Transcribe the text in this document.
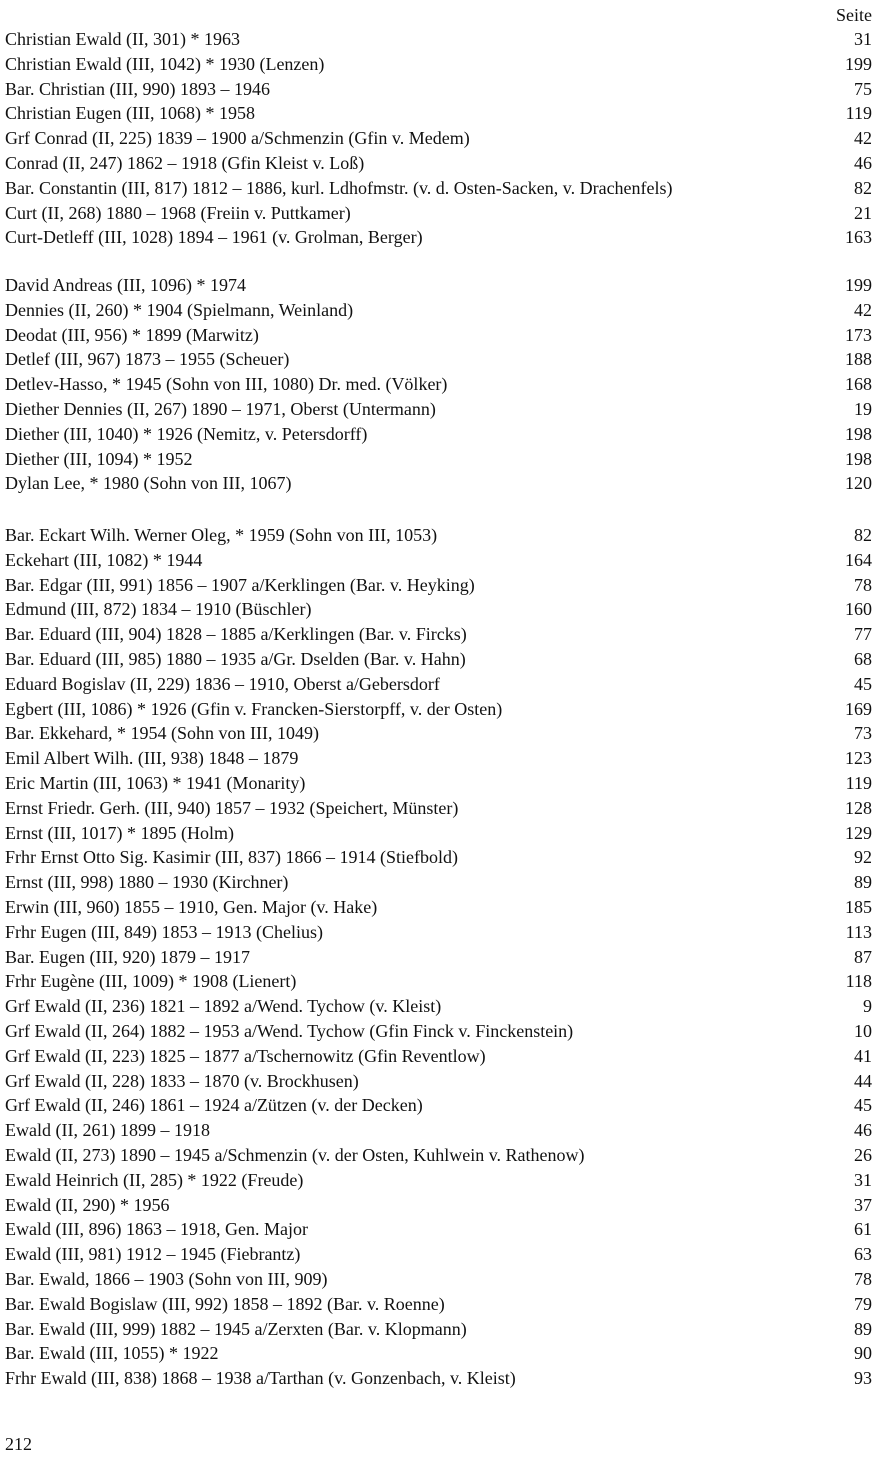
Seite
Christian Ewald (II, 301) * 1963	31
Christian Ewald (III, 1042) * 1930 (Lenzen)	199
Bar. Christian (III, 990) 1893 – 1946	75
Christian Eugen (III, 1068) * 1958	119
Grf Conrad (II, 225) 1839 – 1900 a/Schmenzin (Gfin v. Medem)	42
Conrad (II, 247) 1862 – 1918 (Gfin Kleist v. Loß)	46
Bar. Constantin (III, 817) 1812 – 1886, kurl. Ldhofmstr. (v. d. Osten-Sacken, v. Drachenfels)	82
Curt (II, 268) 1880 – 1968 (Freiin v. Puttkamer)	21
Curt-Detleff (III, 1028) 1894 – 1961 (v. Grolman, Berger)	163
David Andreas (III, 1096) * 1974	199
Dennies (II, 260) * 1904 (Spielmann, Weinland)	42
Deodat (III, 956) * 1899 (Marwitz)	173
Detlef (III, 967) 1873 – 1955 (Scheuer)	188
Detlev-Hasso, * 1945 (Sohn von III, 1080) Dr. med. (Völker)	168
Diether Dennies (II, 267) 1890 – 1971, Oberst (Untermann)	19
Diether (III, 1040) * 1926 (Nemitz, v. Petersdorff)	198
Diether (III, 1094) * 1952	198
Dylan Lee, * 1980 (Sohn von III, 1067)	120
Bar. Eckart Wilh. Werner Oleg, * 1959 (Sohn von III, 1053)	82
Eckehart (III, 1082) * 1944	164
Bar. Edgar (III, 991) 1856 – 1907 a/Kerklingen (Bar. v. Heyking)	78
Edmund (III, 872) 1834 – 1910 (Büschler)	160
Bar. Eduard (III, 904) 1828 – 1885 a/Kerklingen (Bar. v. Fircks)	77
Bar. Eduard (III, 985) 1880 – 1935 a/Gr. Dselden (Bar. v. Hahn)	68
Eduard Bogislav (II, 229) 1836 – 1910, Oberst a/Gebersdorf	45
Egbert (III, 1086) * 1926 (Gfin v. Francken-Sierstorpff, v. der Osten)	169
Bar. Ekkehard, * 1954 (Sohn von III, 1049)	73
Emil Albert Wilh. (III, 938) 1848 – 1879	123
Eric Martin (III, 1063) * 1941 (Monarity)	119
Ernst Friedr. Gerh. (III, 940) 1857 – 1932 (Speichert, Münster)	128
Ernst (III, 1017) * 1895 (Holm)	129
Frhr Ernst Otto Sig. Kasimir (III, 837) 1866 – 1914 (Stiefbold)	92
Ernst (III, 998) 1880 – 1930 (Kirchner)	89
Erwin (III, 960) 1855 – 1910, Gen. Major (v. Hake)	185
Frhr Eugen (III, 849) 1853 – 1913 (Chelius)	113
Bar. Eugen (III, 920) 1879 – 1917	87
Frhr Eugène (III, 1009) * 1908 (Lienert)	118
Grf Ewald (II, 236) 1821 – 1892 a/Wend. Tychow (v. Kleist)	9
Grf Ewald (II, 264) 1882 – 1953 a/Wend. Tychow (Gfin Finck v. Finckenstein)	10
Grf Ewald (II, 223) 1825 – 1877 a/Tschernowitz (Gfin Reventlow)	41
Grf Ewald (II, 228) 1833 – 1870 (v. Brockhusen)	44
Grf Ewald (II, 246) 1861 – 1924 a/Zützen (v. der Decken)	45
Ewald (II, 261) 1899 – 1918	46
Ewald (II, 273) 1890 – 1945 a/Schmenzin (v. der Osten, Kuhlwein v. Rathenow)	26
Ewald Heinrich (II, 285) * 1922 (Freude)	31
Ewald (II, 290) * 1956	37
Ewald (III, 896) 1863 – 1918, Gen. Major	61
Ewald (III, 981) 1912 – 1945 (Fiebrantz)	63
Bar. Ewald, 1866 – 1903 (Sohn von III, 909)	78
Bar. Ewald Bogislaw (III, 992) 1858 – 1892 (Bar. v. Roenne)	79
Bar. Ewald (III, 999) 1882 – 1945 a/Zerxten (Bar. v. Klopmann)	89
Bar. Ewald (III, 1055) * 1922	90
Frhr Ewald (III, 838) 1868 – 1938 a/Tarthan (v. Gonzenbach, v. Kleist)	93
212
